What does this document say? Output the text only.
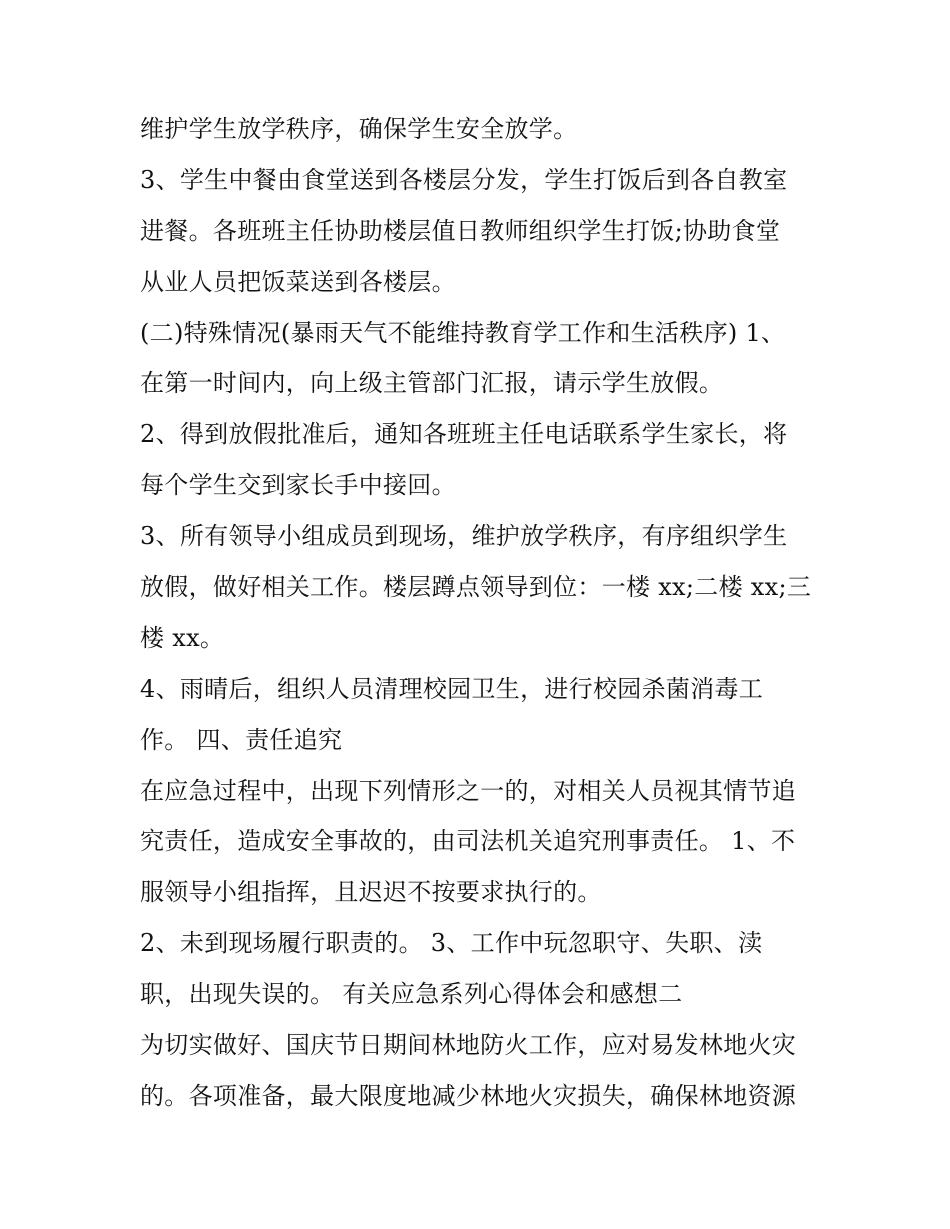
维护学生放学秩序，确保学生安全放学。
3、学生中餐由食堂送到各楼层分发，学生打饭后到各自教室
进餐。各班班主任协助楼层值日教师组织学生打饭;协助食堂
从业人员把饭菜送到各楼层。
(二)特殊情况(暴雨天气不能维持教育学工作和生活秩序) 1、
在第一时间内，向上级主管部门汇报，请示学生放假。
2、得到放假批准后，通知各班班主任电话联系学生家长，将
每个学生交到家长手中接回。
3、所有领导小组成员到现场，维护放学秩序，有序组织学生
放假，做好相关工作。楼层蹲点领导到位：一楼 xx;二楼 xx;三
楼 xx。
4、雨晴后，组织人员清理校园卫生，进行校园杀菌消毒工
作。 四、责任追究
在应急过程中，出现下列情形之一的，对相关人员视其情节追
究责任，造成安全事故的，由司法机关追究刑事责任。 1、不
服领导小组指挥，且迟迟不按要求执行的。
2、未到现场履行职责的。 3、工作中玩忽职守、失职、渎
职，出现失误的。 有关应急系列心得体会和感想二
为切实做好、国庆节日期间林地防火工作，应对易发林地火灾
的。各项准备，最大限度地减少林地火灾损失，确保林地资源
